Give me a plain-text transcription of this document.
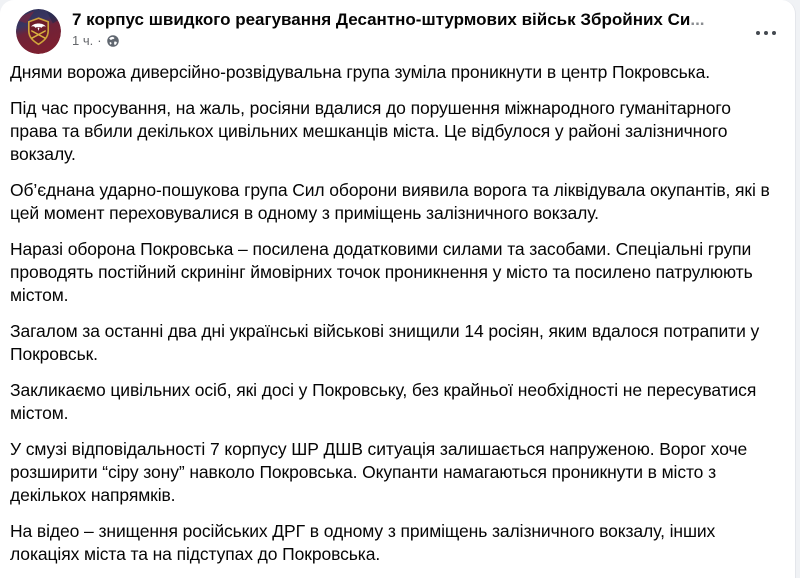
7 корпус швидкого реагування Десантно-штурмових військ Збройних Си...
1 ч. ·

Днями ворожа диверсійно-розвідувальна група зуміла проникнути в центр Покровська.

Під час просування, на жаль, росіяни вдалися до порушення міжнародного гуманітарного права та вбили декількох цивільних мешканців міста. Це відбулося у районі залізничного вокзалу.

Об’єднана ударно-пошукова група Сил оборони виявила ворога та ліквідувала окупантів, які в цей момент переховувалися в одному з приміщень залізничного вокзалу.

Наразі оборона Покровська – посилена додатковими силами та засобами. Спеціальні групи проводять постійний скринінг ймовірних точок проникнення у місто та посилено патрулюють містом.

Загалом за останні два дні українські військові знищили 14 росіян, яким вдалося потрапити у Покровськ.

Закликаємо цивільних осіб, які досі у Покровську, без крайньої необхідності не пересуватися містом.

У смузі відповідальності 7 корпусу ШР ДШВ ситуація залишається напруженою. Ворог хоче розширити “сіру зону” навколо Покровська. Окупанти намагаються проникнути в місто з декількох напрямків.

На відео – знищення російських ДРГ в одному з приміщень залізничного вокзалу, інших локаціях міста та на підступах до Покровська.
